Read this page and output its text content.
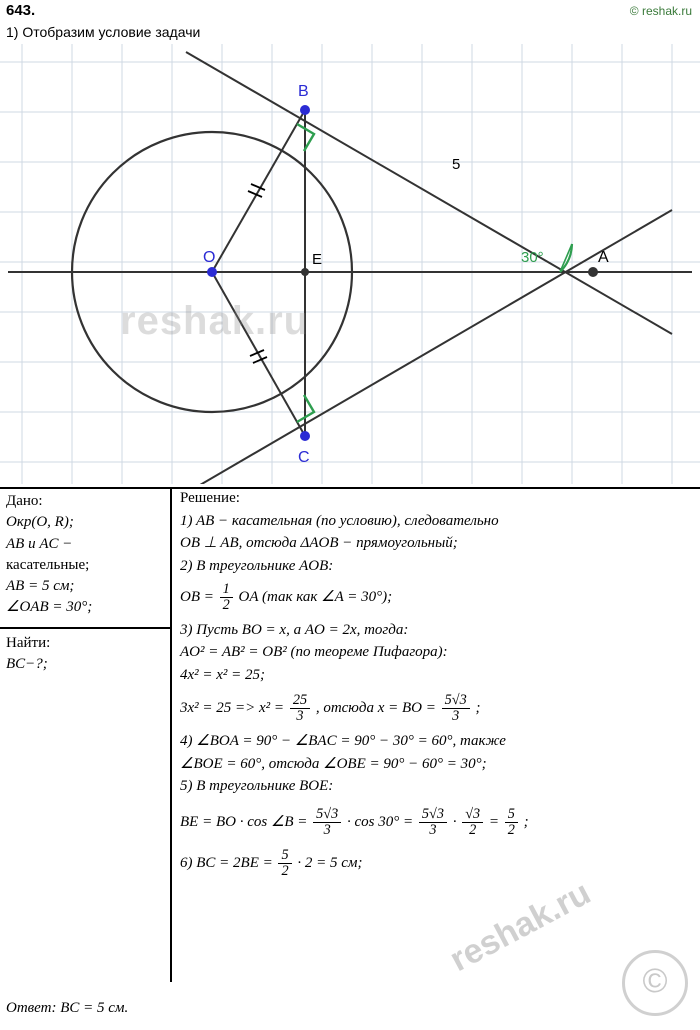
643.	© reshak.ru
1) Отобразим условие задачи
O
B
C
A
E
5
30°
reshak.ru
Дано:
Окр(O, R);
AB и AC −
касательные;
AB = 5 см;
∠OAB = 30°;
Найти:
BC−?;
Решение:
1) AB − касательная (по условию), следовательно
OB ⊥ AB, отсюда ΔAOB − прямоугольный;
2) В треугольнике AOB:
OB = $\frac{1}{2}$ OA (так как ∠A = 30°);
3) Пусть BO = x, а AO = 2x, тогда:
AO² = AB² = OB² (по теореме Пифагора):
4x² = x² = 25;
$3x^2 = 25 => x^2 = \frac{25}{3}$ , отсюда x = BO = $\frac{5√3}{3}$ ;
4) ∠BOA = 90° − ∠BAC = 90° − 30° = 60°, также
∠BOE = 60°, отсюда ∠OBE = 90° − 60° = 30°;
5) В треугольнике BOE:
BE = BO · cos ∠B = $\frac{5√3}{3} \cdot \cos 30^\circ = \frac{5√3}{3} \cdot \frac{√3}{2} = \frac{5}{2}$ ;
6) BC = $2BE = \frac{5}{2} \cdot 2 = 5$ см;
Ответ: BC = 5 см.
reshak.ru
©
